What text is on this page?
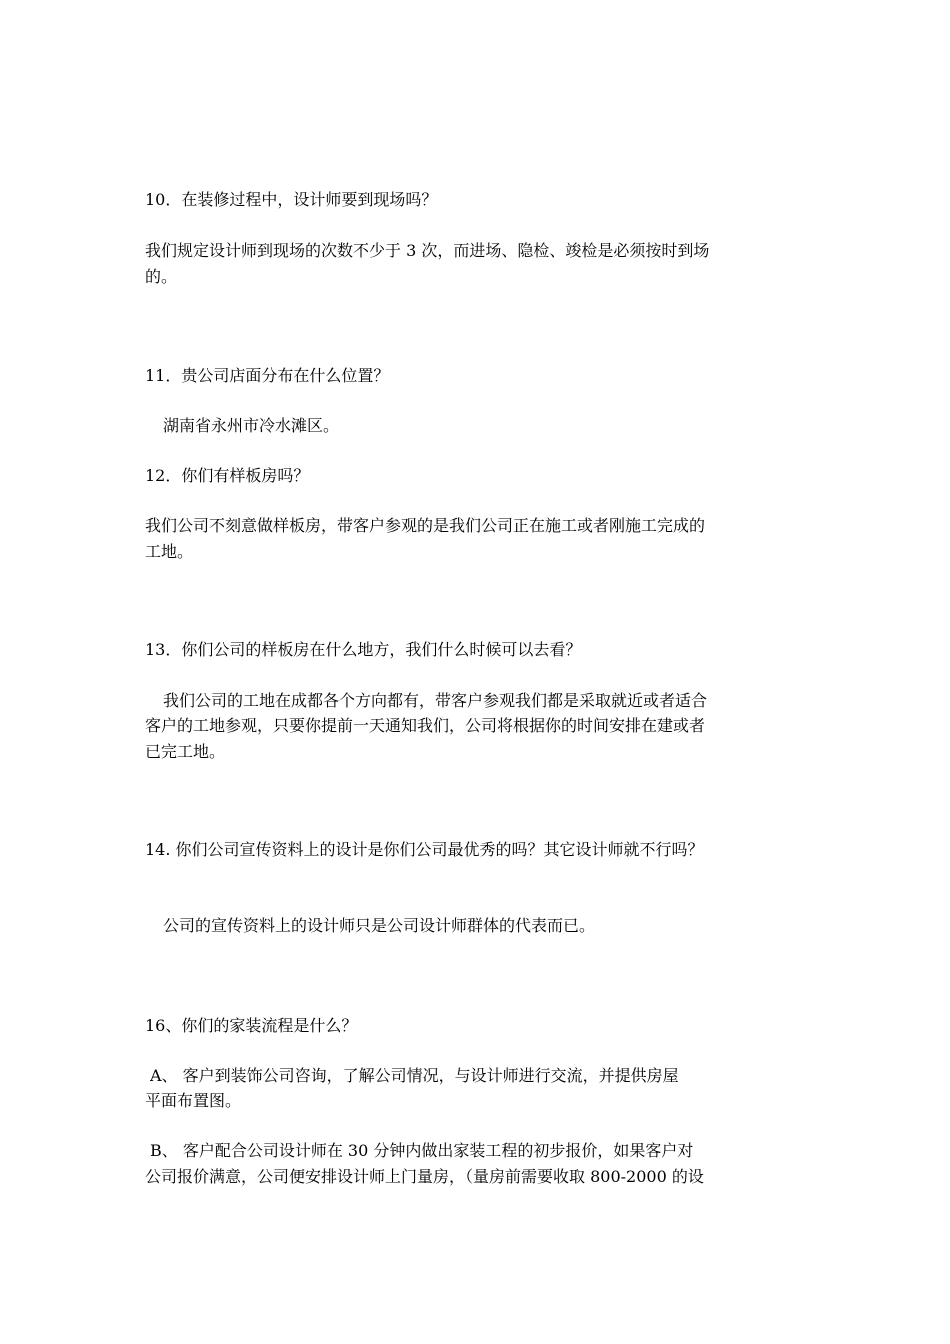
10．在装修过程中，设计师要到现场吗？
我们规定设计师到现场的次数不少于 3 次，而进场、隐检、竣检是必须按时到场
的。
11．贵公司店面分布在什么位置？
湖南省永州市冷水滩区。
12．你们有样板房吗？
我们公司不刻意做样板房，带客户参观的是我们公司正在施工或者刚施工完成的
工地。
13．你们公司的样板房在什么地方，我们什么时候可以去看？
我们公司的工地在成都各个方向都有，带客户参观我们都是采取就近或者适合
客户的工地参观，只要你提前一天通知我们，公司将根据你的时间安排在建或者
已完工地。
14. 你们公司宣传资料上的设计是你们公司最优秀的吗？其它设计师就不行吗？
公司的宣传资料上的设计师只是公司设计师群体的代表而已。
16、你们的家装流程是什么？
A、 客户到装饰公司咨询，了解公司情况，与设计师进行交流，并提供房屋
平面布置图。
B、 客户配合公司设计师在 30 分钟内做出家装工程的初步报价，如果客户对
公司报价满意，公司便安排设计师上门量房，（量房前需要收取 800-2000 的设
